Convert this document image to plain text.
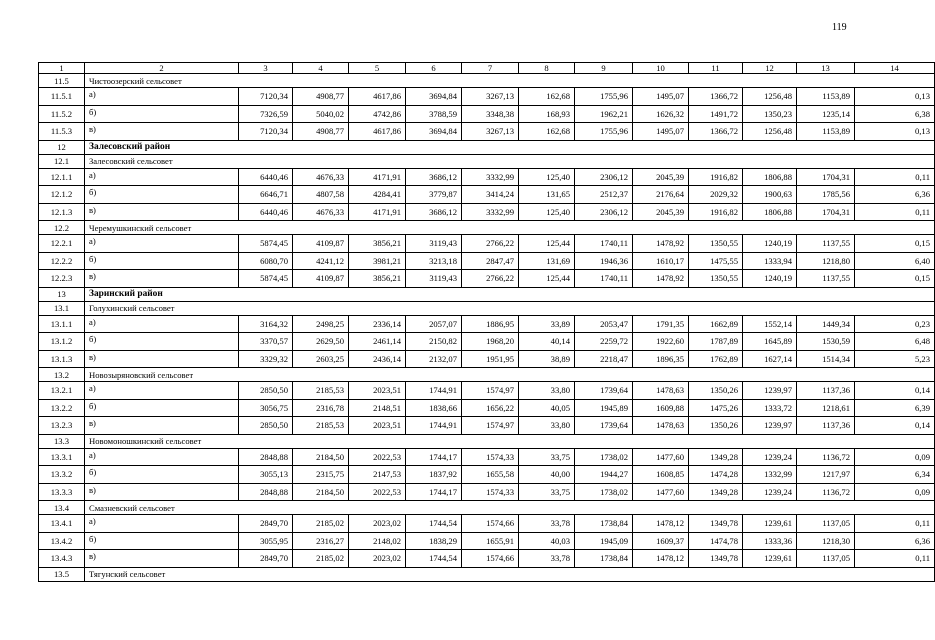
119
1	2	3	4	5	6	7	8	9	10	11	12	13	14
11.5	Чистоозерский сельсовет												
11.5.1	а)	7120,34	4908,77	4617,86	3694,84	3267,13	162,68	1755,96	1495,07	1366,72	1256,48	1153,89	0,13
11.5.2	б)	7326,59	5040,02	4742,86	3788,59	3348,38	168,93	1962,21	1626,32	1491,72	1350,23	1235,14	6,38
11.5.3	в)	7120,34	4908,77	4617,86	3694,84	3267,13	162,68	1755,96	1495,07	1366,72	1256,48	1153,89	0,13
12	Залесовский район												
12.1	Залесовский сельсовет												
12.1.1	а)	6440,46	4676,33	4171,91	3686,12	3332,99	125,40	2306,12	2045,39	1916,82	1806,88	1704,31	0,11
12.1.2	б)	6646,71	4807,58	4284,41	3779,87	3414,24	131,65	2512,37	2176,64	2029,32	1900,63	1785,56	6,36
12.1.3	в)	6440,46	4676,33	4171,91	3686,12	3332,99	125,40	2306,12	2045,39	1916,82	1806,88	1704,31	0,11
12.2	Черемушкинский сельсовет												
12.2.1	а)	5874,45	4109,87	3856,21	3119,43	2766,22	125,44	1740,11	1478,92	1350,55	1240,19	1137,55	0,15
12.2.2	б)	6080,70	4241,12	3981,21	3213,18	2847,47	131,69	1946,36	1610,17	1475,55	1333,94	1218,80	6,40
12.2.3	в)	5874,45	4109,87	3856,21	3119,43	2766,22	125,44	1740,11	1478,92	1350,55	1240,19	1137,55	0,15
13	Заринский район												
13.1	Голухинский сельсовет												
13.1.1	а)	3164,32	2498,25	2336,14	2057,07	1886,95	33,89	2053,47	1791,35	1662,89	1552,14	1449,34	0,23
13.1.2	б)	3370,57	2629,50	2461,14	2150,82	1968,20	40,14	2259,72	1922,60	1787,89	1645,89	1530,59	6,48
13.1.3	в)	3329,32	2603,25	2436,14	2132,07	1951,95	38,89	2218,47	1896,35	1762,89	1627,14	1514,34	5,23
13.2	Новозыряновский сельсовет												
13.2.1	а)	2850,50	2185,53	2023,51	1744,91	1574,97	33,80	1739,64	1478,63	1350,26	1239,97	1137,36	0,14
13.2.2	б)	3056,75	2316,78	2148,51	1838,66	1656,22	40,05	1945,89	1609,88	1475,26	1333,72	1218,61	6,39
13.2.3	в)	2850,50	2185,53	2023,51	1744,91	1574,97	33,80	1739,64	1478,63	1350,26	1239,97	1137,36	0,14
13.3	Новомоношкинский сельсовет												
13.3.1	а)	2848,88	2184,50	2022,53	1744,17	1574,33	33,75	1738,02	1477,60	1349,28	1239,24	1136,72	0,09
13.3.2	б)	3055,13	2315,75	2147,53	1837,92	1655,58	40,00	1944,27	1608,85	1474,28	1332,99	1217,97	6,34
13.3.3	в)	2848,88	2184,50	2022,53	1744,17	1574,33	33,75	1738,02	1477,60	1349,28	1239,24	1136,72	0,09
13.4	Смазневский сельсовет												
13.4.1	а)	2849,70	2185,02	2023,02	1744,54	1574,66	33,78	1738,84	1478,12	1349,78	1239,61	1137,05	0,11
13.4.2	б)	3055,95	2316,27	2148,02	1838,29	1655,91	40,03	1945,09	1609,37	1474,78	1333,36	1218,30	6,36
13.4.3	в)	2849,70	2185,02	2023,02	1744,54	1574,66	33,78	1738,84	1478,12	1349,78	1239,61	1137,05	0,11
13.5	Тягунский сельсовет												
